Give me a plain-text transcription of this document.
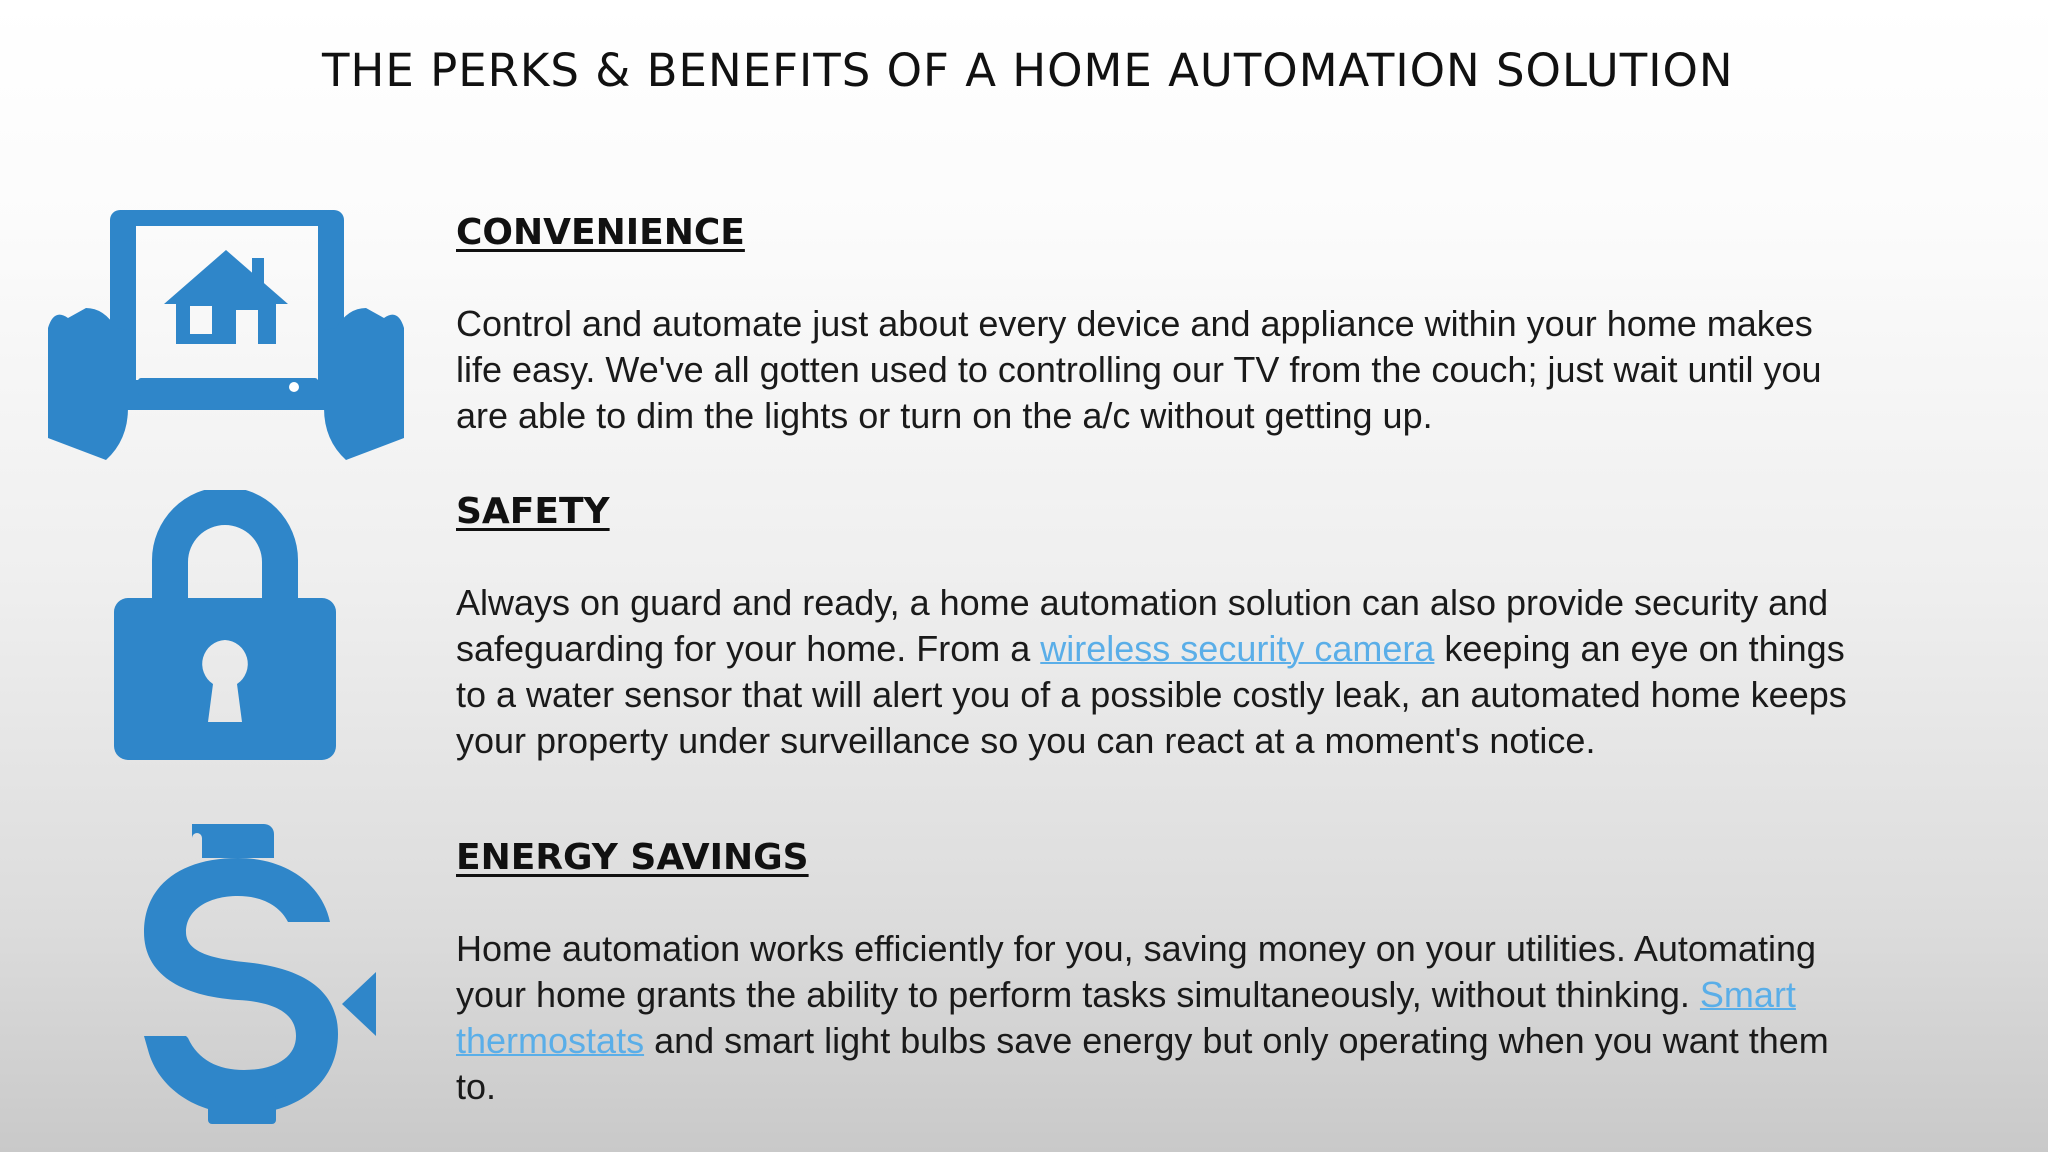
THE PERKS & BENEFITS OF A HOME AUTOMATION SOLUTION
CONVENIENCE

Control and automate just about every device and appliance within your home makes life easy. We've all gotten used to controlling our TV from the couch; just wait until you are able to dim the lights or turn on the a/c without getting up.

SAFETY

Always on guard and ready, a home automation solution can also provide security and safeguarding for your home. From a wireless security camera keeping an eye on things to a water sensor that will alert you of a possible costly leak, an automated home keeps your property under surveillance so you can react at a moment's notice.

ENERGY SAVINGS

Home automation works efficiently for you, saving money on your utilities. Automating your home grants the ability to perform tasks simultaneously, without thinking. Smart thermostats and smart light bulbs save energy but only operating when you want them to.
